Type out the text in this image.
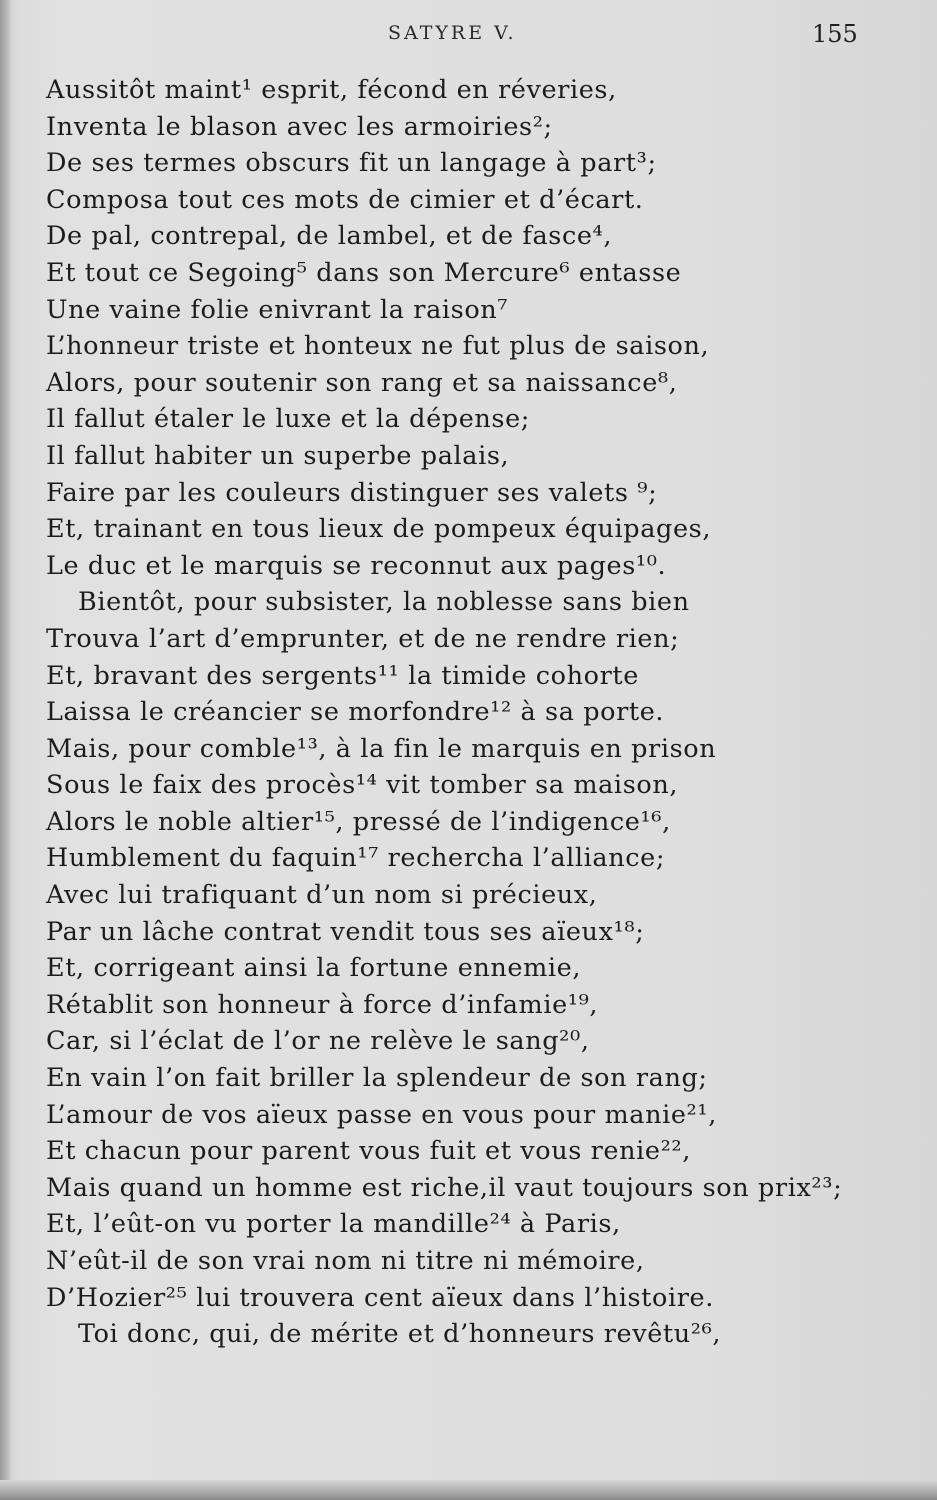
SATYRE V.	155
Aussitôt maint¹ esprit, fécond en réveries,
Inventa le blason avec les armoiries²;
De ses termes obscurs fit un langage à part³;
Composa tout ces mots de cimier et d’écart.
De pal, contrepal, de lambel, et de fasce⁴,
Et tout ce Segoing⁵ dans son Mercure⁶ entasse
Une vaine folie enivrant la raison⁷
L’honneur triste et honteux ne fut plus de saison,
Alors, pour soutenir son rang et sa naissance⁸,
Il fallut étaler le luxe et la dépense;
Il fallut habiter un superbe palais,
Faire par les couleurs distinguer ses valets ⁹;
Et, trainant en tous lieux de pompeux équipages,
Le duc et le marquis se reconnut aux pages¹⁰.
Bientôt, pour subsister, la noblesse sans bien
Trouva l’art d’emprunter, et de ne rendre rien;
Et, bravant des sergents¹¹ la timide cohorte
Laissa le créancier se morfondre¹² à sa porte.
Mais, pour comble¹³, à la fin le marquis en prison
Sous le faix des procès¹⁴ vit tomber sa maison,
Alors le noble altier¹⁵, pressé de l’indigence¹⁶,
Humblement du faquin¹⁷ rechercha l’alliance;
Avec lui trafiquant d’un nom si précieux,
Par un lâche contrat vendit tous ses aïeux¹⁸;
Et, corrigeant ainsi la fortune ennemie,
Rétablit son honneur à force d’infamie¹⁹,
Car, si l’éclat de l’or ne relève le sang²⁰,
En vain l’on fait briller la splendeur de son rang;
L’amour de vos aïeux passe en vous pour manie²¹,
Et chacun pour parent vous fuit et vous renie²²,
Mais quand un homme est riche,il vaut toujours son prix²³;
Et, l’eût-on vu porter la mandille²⁴ à Paris,
N’eût-il de son vrai nom ni titre ni mémoire,
D’Hozier²⁵ lui trouvera cent aïeux dans l’histoire.
Toi donc, qui, de mérite et d’honneurs revêtu²⁶,
